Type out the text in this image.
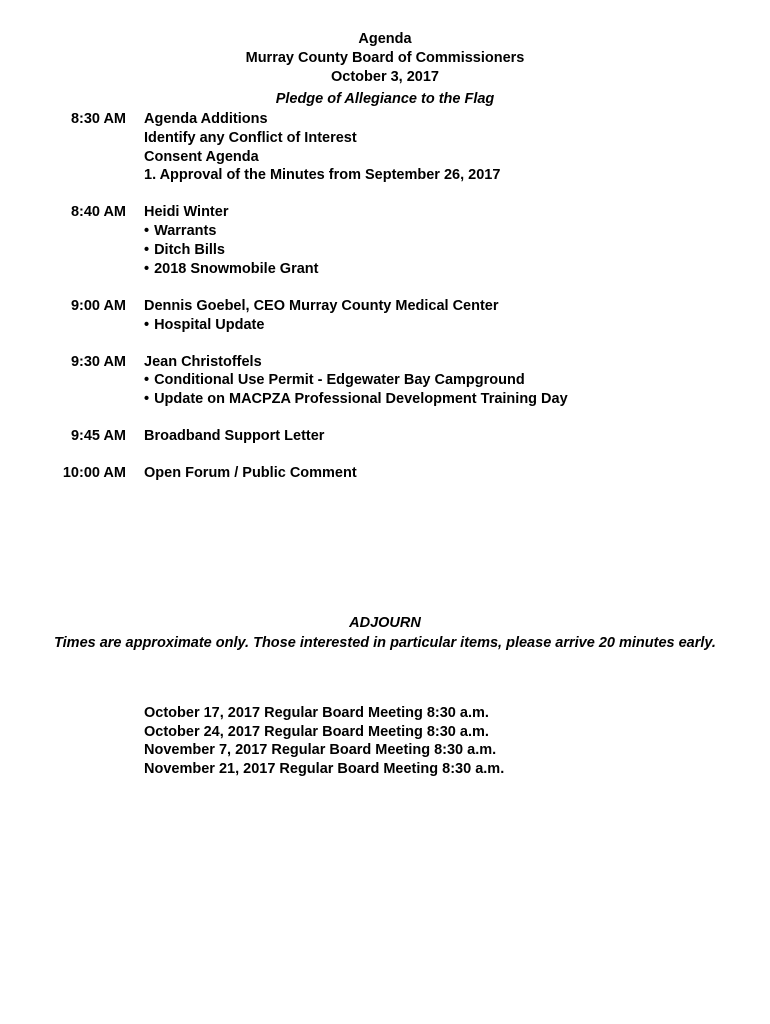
Agenda
Murray County Board of Commissioners
October 3, 2017
Pledge of Allegiance to the Flag
8:30 AM Agenda Additions
Identify any Conflict of Interest
Consent Agenda
1. Approval of the Minutes from September 26, 2017
8:40 AM Heidi Winter
• Warrants
• Ditch Bills
• 2018 Snowmobile Grant
9:00 AM Dennis Goebel, CEO Murray County Medical Center
• Hospital Update
9:30 AM Jean Christoffels
• Conditional Use Permit - Edgewater Bay Campground
• Update on MACPZA Professional Development Training Day
9:45 AM Broadband Support Letter
10:00 AM Open Forum / Public Comment
ADJOURN
Times are approximate only. Those interested in particular items, please arrive 20 minutes early.
October 17, 2017 Regular Board Meeting 8:30 a.m.
October 24, 2017 Regular Board Meeting 8:30 a.m.
November 7, 2017 Regular Board Meeting 8:30 a.m.
November 21, 2017 Regular Board Meeting 8:30 a.m.
